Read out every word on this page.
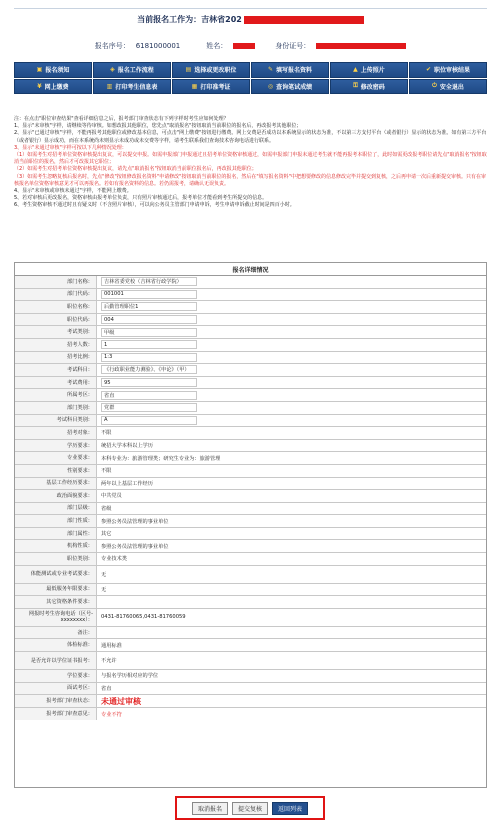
当前报名工作为：吉林省202
报名序号： 6181000001	姓名：	身份证号：
▣ 报名须知	◈ 报名工作流程	▤ 选择或更改职位	✎ 填写报名资料	▲ 上传照片	✔ 职位审核结果
¥ 网上缴费	▥ 打印考生信息表	▦ 打印准考证	◎ 查询笔试成绩	⚿ 修改密码	⏻ 安全退出

注：在点击"职位审查结果"查看详细信息之后，报考部门审查状态有下列字样时考生应如何处理？

1、显示"未审核"字样，请继续等待审核。如想改报其他职位，您先点"取消报名"按钮取消当前职位的报名后，再改报考其他职位；

2、显示"已通过审核"字样，不能再报考其他职位或修改基本信息，可点击"网上缴费"按钮进行缴费。网上交费是否成功以本系统显示的状态为准，不以第三方支付平台（或者银行）显示的状态为准。如有第三方平台（或者银行）显示成功，而在本系统尚未则显示未成功或未交费等字样，请考生联系我们查询技术咨询电话进行联系。

3、显示"未通过审核"字样可按以下几种情况处理：

（1）如需考生对招考单位资格审核提出复议，可以提交申报。如需申报部门申报通过且招考单位资格审核通过，如需申报部门申报未通过考生就不能再报考本职位了，此时如需更改报考职位请先点"取消报名"按钮取消当前职位的报名，然后才可改报其它职位；

（2）如需考生对招考单位资格审核提出复议，请先点"取消报名"按钮取消当前职位报名后，再改报其他职位；

（3）如需考生忽略复核后报名时，先点"修改"按钮修改报名资料"申请修改"按钮取消当前职位的报名，然后在"填写报名资料"中把想要修改的信息修改完毕并提交到复核，之后再申请一次后重新提交审核。只有在审核报名单位资格审核意见才可以再报名。若如有报名资料的信息。若仍需报考，请确认无误负责。

4、显示"未审核或审核未通过"字样，不能网上缴费。

5、若对审核后更改报名，资格审核由报考单位负责，只有照片审核通过后，报考单位才能看到考生所提交的信息。

6、考生资格审核不通过时且有疑义时（不含照片审核），可以向公务员主管部门申请申诉，考生申请申诉截止时间是四百小时。

报名详细情况
部门名称：	吉林省委党校（吉林省行政学院）
部门代码：	001001
职位名称：	后勤管理职位1
职位代码：	004
考试类别：	甲级
招考人数：	1
招考比例：	1:3
考试科目：	《行政职业能力测验》、《申论》（甲）
考试费用：	95
所属考区：	省直
部门类别：	党群
考试科目类别：	A
招考对象：	不限
学历要求：	统招大学本科以上学历
专业要求：	本科专业为：旅游管理类；研究生专业为：旅游管理
性别要求：	不限
基层工作经历要求：	两年以上基层工作经历
政治面貌要求：	中共党员
部门层级：	省级
部门性质：	参照公务员法管理的事业单位
部门属性：	其它
机构性质：	参照公务员法管理的事业单位
职位类别：	专业技术类
体能测试或专业考试要求：	无
最低服务年限要求：	无
其它资格条件要求：
网报时考生咨询电话（区号-xxxxxxxx）：	0431-81760065,0431-81760059
备注：
体检标准：	通用标准
是否允许以学位证书报考：	不允许
学位要求：	与报名学历相对应的学位
面试考区：	省直
报考部门审查状态：	未通过审核
报考部门审查意见：	专业不符
取消报名	提交复核	返回列表
